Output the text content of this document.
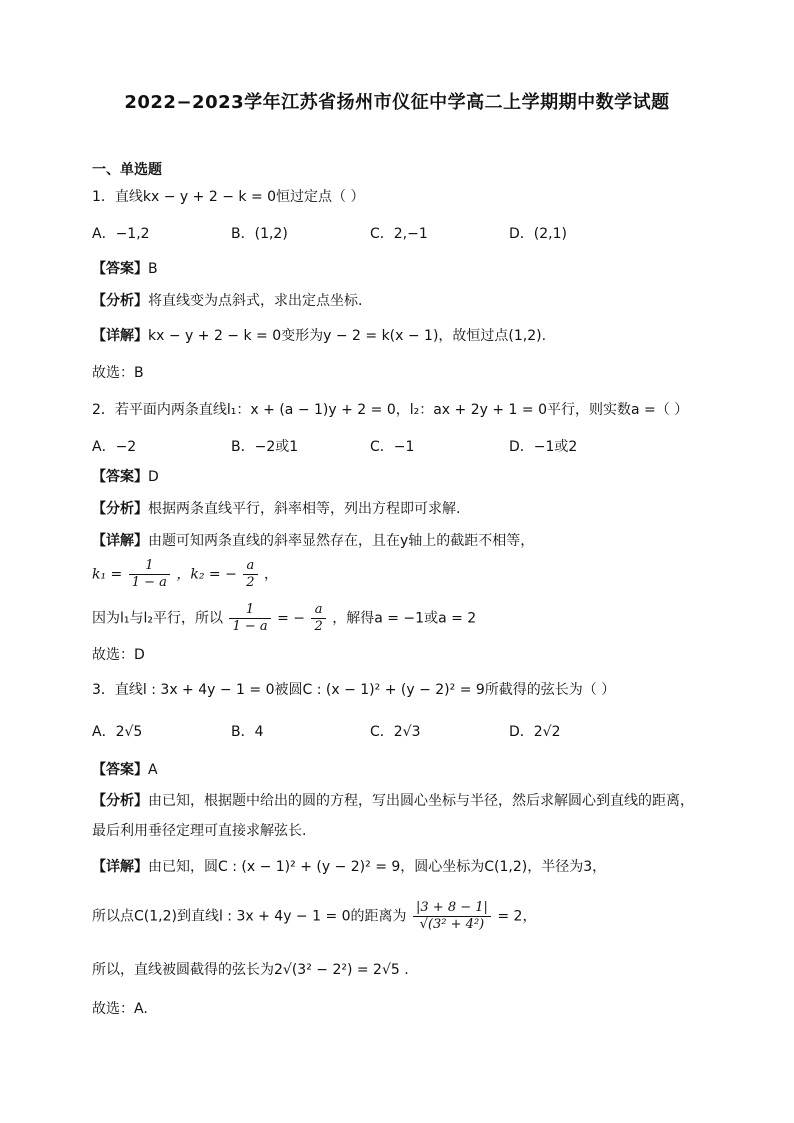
2022−2023学年江苏省扬州市仪征中学高二上学期期中数学试题
一、单选题
1．直线kx − y + 2 − k = 0恒过定点（ ）
A．−1,2	B．(1,2)	C．2,−1	D．(2,1)
【答案】B
【分析】将直线变为点斜式，求出定点坐标.
【详解】kx − y + 2 − k = 0变形为y − 2 = k(x − 1)，故恒过点(1,2).
故选：B
2．若平面内两条直线l₁：x + (a − 1)y + 2 = 0，l₂：ax + 2y + 1 = 0平行，则实数a =（ ）
A．−2	B．−2或1	C．−1	D．−1或2
【答案】D
【分析】根据两条直线平行，斜率相等，列出方程即可求解.
【详解】由题可知两条直线的斜率显然存在，且在y轴上的截距不相等，
$k_1 = \frac{1}{1 - a}$ ，k₂ = − $\frac{a}{2}$ ，
因为l₁与l₂平行，所以 $\frac{1}{1 - a}$ = − $\frac{a}{2}$ ，解得a = −1或a = 2
故选：D
3．直线l : 3x + 4y − 1 = 0被圆C : (x − 1)² + (y − 2)² = 9所截得的弦长为（ ）
A．2√5	B．4	C．2√3	D．2√2
【答案】A
【分析】由已知，根据题中给出的圆的方程，写出圆心坐标与半径，然后求解圆心到直线的距离，
最后利用垂径定理可直接求解弦长.
【详解】由已知，圆C : (x − 1)² + (y − 2)² = 9，圆心坐标为C(1,2)，半径为3，
所以点C(1,2)到直线l : 3x + 4y − 1 = 0的距离为 $\frac{|3 + 8 - 1|}{\text{√(3² + 4²)}} = 2$，
所以，直线被圆截得的弦长为2√(3² − 2²) = 2√5 .
故选：A.
